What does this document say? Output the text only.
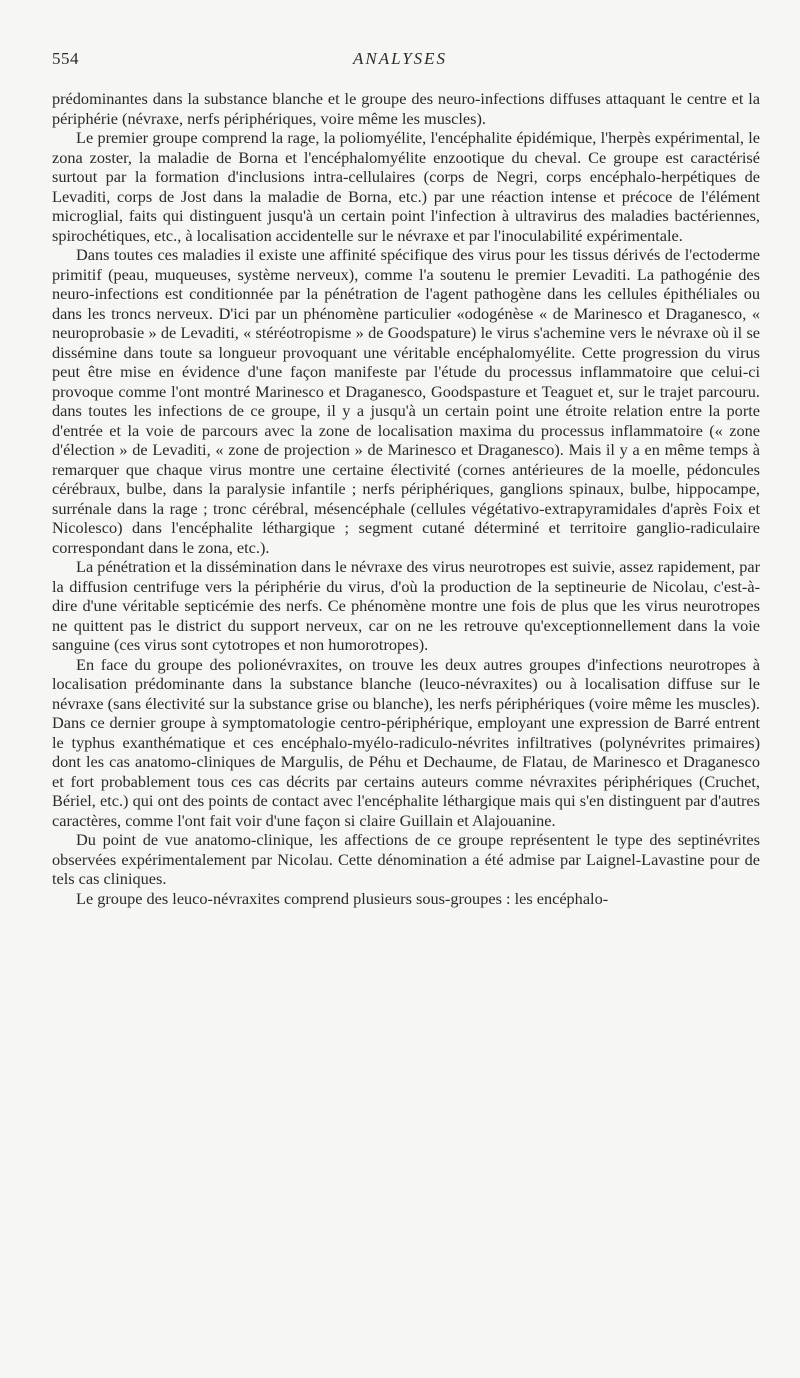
554	ANALYSES

prédominantes dans la substance blanche et le groupe des neuro-infections diffuses attaquant le centre et la périphérie (névraxe, nerfs périphériques, voire même les muscles).

Le premier groupe comprend la rage, la poliomyélite, l'encéphalite épidémique, l'herpès expérimental, le zona zoster, la maladie de Borna et l'encéphalomyélite enzootique du cheval. Ce groupe est caractérisé surtout par la formation d'inclusions intra-cellulaires (corps de Negri, corps encéphalo-herpétiques de Levaditi, corps de Jost dans la maladie de Borna, etc.) par une réaction intense et précoce de l'élément microglial, faits qui distinguent jusqu'à un certain point l'infection à ultravirus des maladies bactériennes, spirochétiques, etc., à localisation accidentelle sur le névraxe et par l'inoculabilité expérimentale.

Dans toutes ces maladies il existe une affinité spécifique des virus pour les tissus dérivés de l'ectoderme primitif (peau, muqueuses, système nerveux), comme l'a soutenu le premier Levaditi. La pathogénie des neuro-infections est conditionnée par la pénétration de l'agent pathogène dans les cellules épithéliales ou dans les troncs nerveux. D'ici par un phénomène particulier «odogénèse « de Marinesco et Draganesco, « neuroprobasie » de Levaditi, « stéréotropisme » de Goodspature) le virus s'achemine vers le névraxe où il se dissémine dans toute sa longueur provoquant une véritable encéphalomyélite. Cette progression du virus peut être mise en évidence d'une façon manifeste par l'étude du processus inflammatoire que celui-ci provoque comme l'ont montré Marinesco et Draganesco, Goodspasture et Teaguet et, sur le trajet parcouru. dans toutes les infections de ce groupe, il y a jusqu'à un certain point une étroite relation entre la porte d'entrée et la voie de parcours avec la zone de localisation maxima du processus inflammatoire (« zone d'élection » de Levaditi, « zone de projection » de Marinesco et Draganesco). Mais il y a en même temps à remarquer que chaque virus montre une certaine électivité (cornes antérieures de la moelle, pédoncules cérébraux, bulbe, dans la paralysie infantile ; nerfs périphériques, ganglions spinaux, bulbe, hippocampe, surrénale dans la rage ; tronc cérébral, mésencéphale (cellules végétativo-extrapyramidales d'après Foix et Nicolesco) dans l'encéphalite léthargique ; segment cutané déterminé et territoire ganglio-radiculaire correspondant dans le zona, etc.).

La pénétration et la dissémination dans le névraxe des virus neurotropes est suivie, assez rapidement, par la diffusion centrifuge vers la périphérie du virus, d'où la production de la septineurie de Nicolau, c'est-à-dire d'une véritable septicémie des nerfs. Ce phénomène montre une fois de plus que les virus neurotropes ne quittent pas le district du support nerveux, car on ne les retrouve qu'exceptionnellement dans la voie sanguine (ces virus sont cytotropes et non humorotropes).

En face du groupe des polionévraxites, on trouve les deux autres groupes d'infections neurotropes à localisation prédominante dans la substance blanche (leuco-névraxites) ou à localisation diffuse sur le névraxe (sans électivité sur la substance grise ou blanche), les nerfs périphériques (voire même les muscles). Dans ce dernier groupe à symptomatologie centro-périphérique, employant une expression de Barré entrent le typhus exanthématique et ces encéphalo-myélo-radiculo-névrites infiltratives (polynévrites primaires) dont les cas anatomo-cliniques de Margulis, de Péhu et Dechaume, de Flatau, de Marinesco et Draganesco et fort probablement tous ces cas décrits par certains auteurs comme névraxites périphériques (Cruchet, Bériel, etc.) qui ont des points de contact avec l'encéphalite léthargique mais qui s'en distinguent par d'autres caractères, comme l'ont fait voir d'une façon si claire Guillain et Alajouanine.

Du point de vue anatomo-clinique, les affections de ce groupe représentent le type des septinévrites observées expérimentalement par Nicolau. Cette dénomination a été admise par Laignel-Lavastine pour de tels cas cliniques.

Le groupe des leuco-névraxites comprend plusieurs sous-groupes : les encéphalo-
